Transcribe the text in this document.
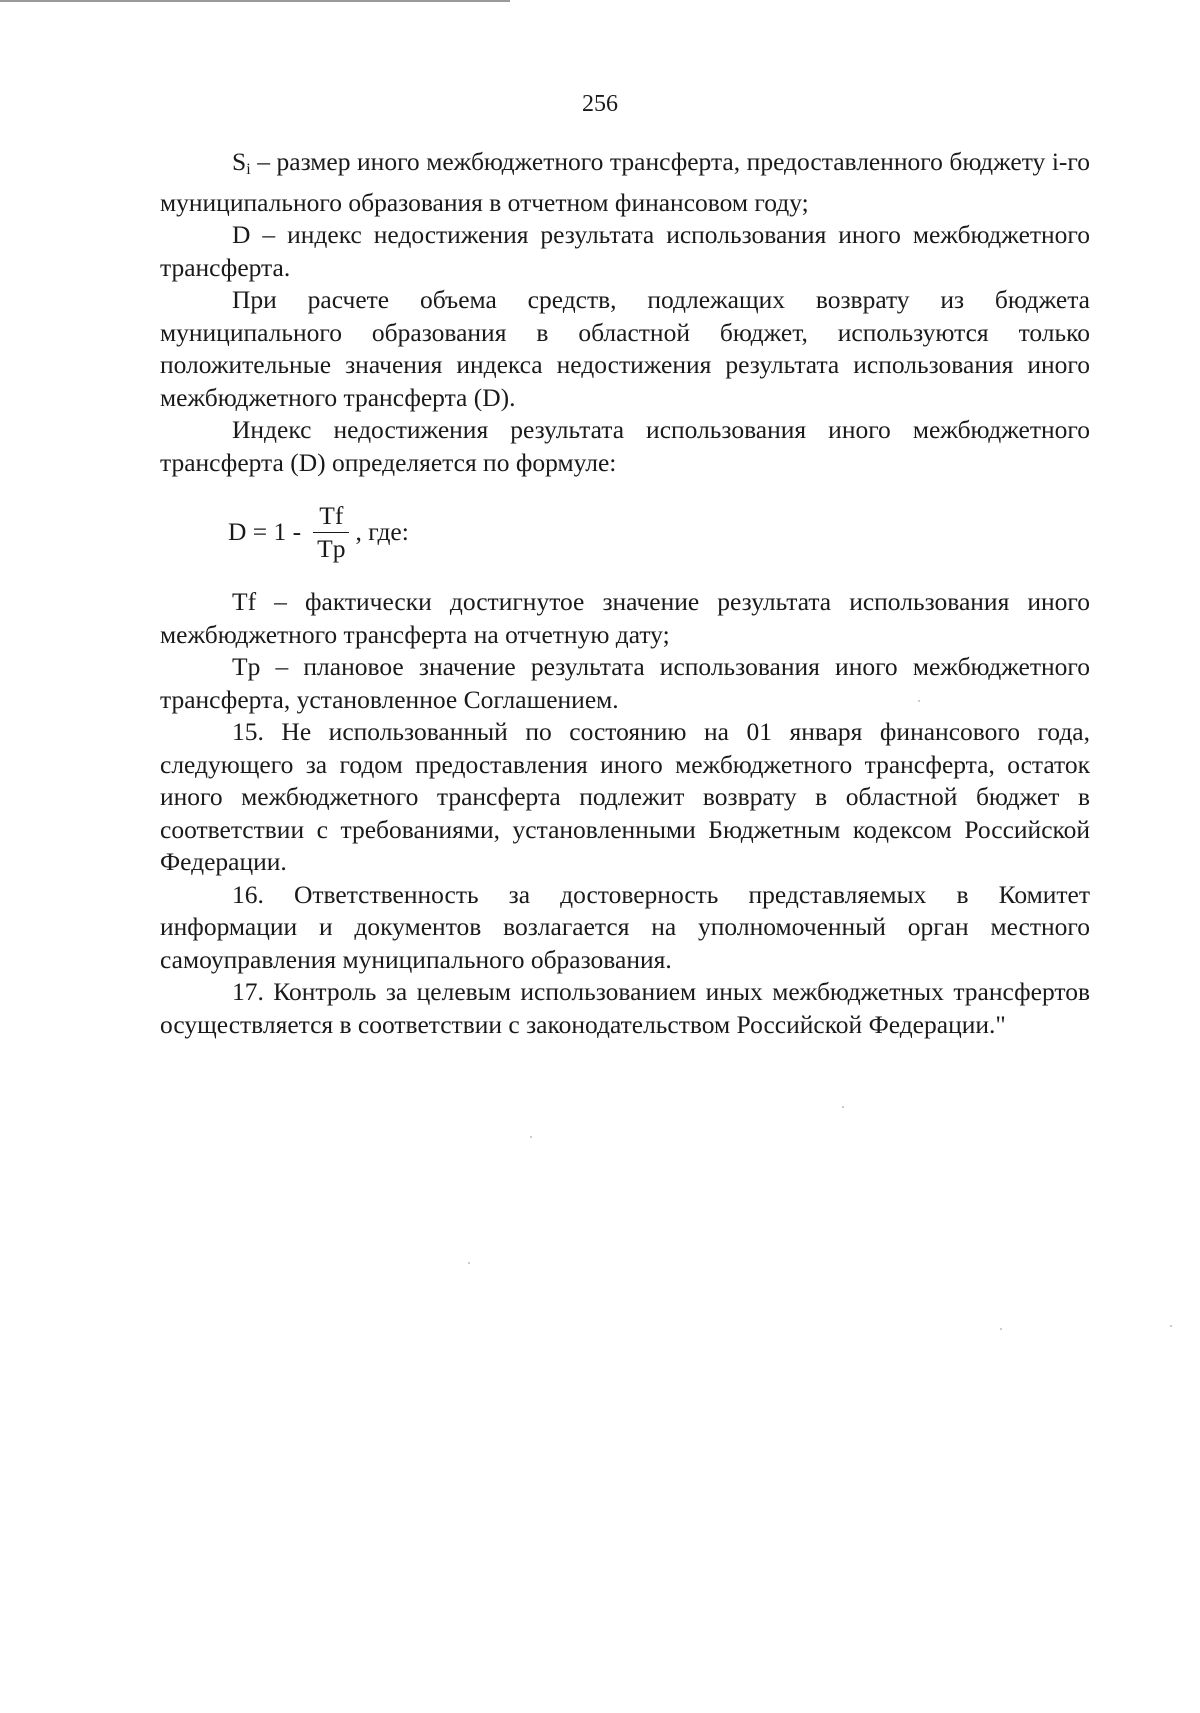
256

$S_i$ – размер иного межбюджетного трансферта, предоставленного бюджету i-го муниципального образования в отчетном финансовом году;

D – индекс недостижения результата использования иного межбюджетного трансферта.

При расчете объема средств, подлежащих возврату из бюджета муниципального образования в областной бюджет, используются только положительные значения индекса недостижения результата использования иного межбюджетного трансферта (D).

Индекс недостижения результата использования иного межбюджетного трансферта (D) определяется по формуле:

$D = 1 - \frac{Tf}{Tp}$ , где:

Tf – фактически достигнутое значение результата использования иного межбюджетного трансферта на отчетную дату;

Tp – плановое значение результата использования иного межбюджетного трансферта, установленное Соглашением.

15. Не использованный по состоянию на 01 января финансового года, следующего за годом предоставления иного межбюджетного трансферта, остаток иного межбюджетного трансферта подлежит возврату в областной бюджет в соответствии с требованиями, установленными Бюджетным кодексом Российской Федерации.

16. Ответственность за достоверность представляемых в Комитет информации и документов возлагается на уполномоченный орган местного самоуправления муниципального образования.

17. Контроль за целевым использованием иных межбюджетных трансфертов осуществляется в соответствии с законодательством Российской Федерации."
